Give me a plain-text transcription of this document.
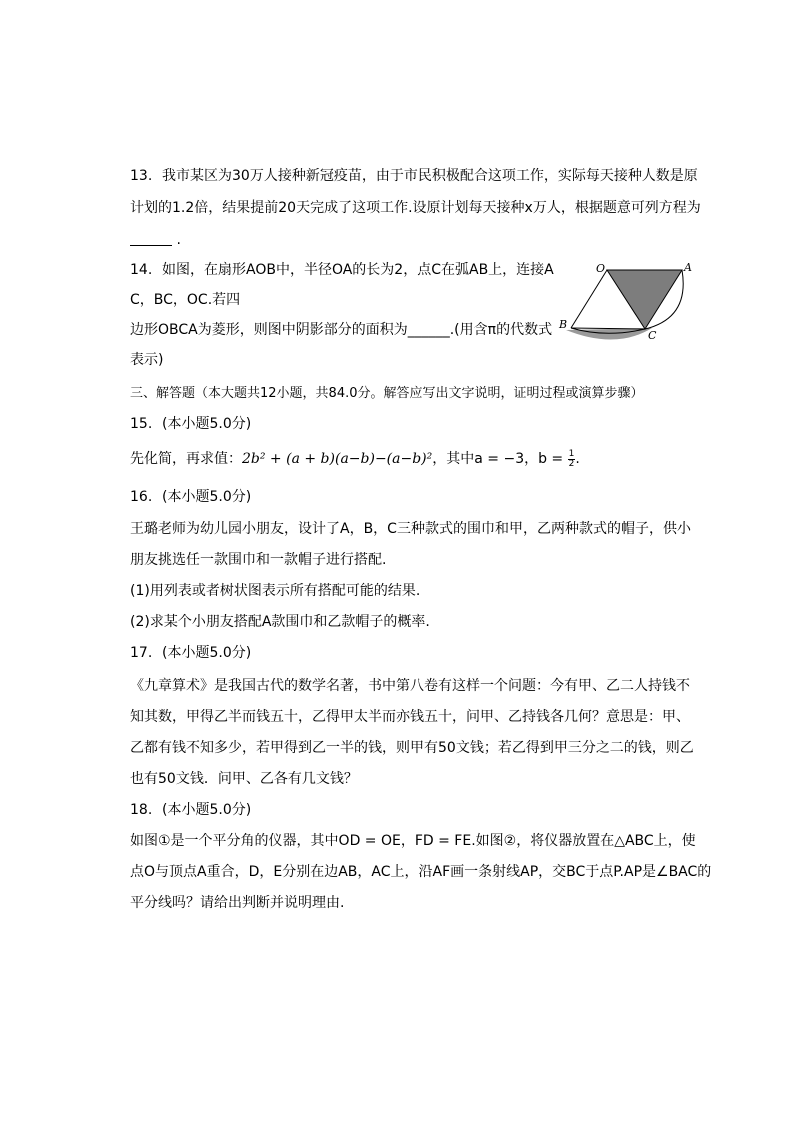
13. 我市某区为30万人接种新冠疫苗，由于市民积极配合这项工作，实际每天接种人数是原
计划的1.2倍，结果提前20天完成了这项工作.设原计划每天接种x万人，根据题意可列方程为
.
14. 如图，在扇形AOB中，半径OA的长为2，点C在弧AB上，连接A
C，BC，OC.若四
边形OBCA为菱形，则图中阴影部分的面积为______.(用含π的代数式
表示)
O	A
B
C
三、解答题（本大题共12小题，共84.0分。解答应写出文字说明，证明过程或演算步骤）
15. (本小题5.0分)
先化简，再求值：2b² + (a + b)(a−b)−(a−b)²，其中a = −3，$b = \frac{1}{2}$ .
16. (本小题5.0分)
王璐老师为幼儿园小朋友，设计了A，B，C三种款式的围巾和甲，乙两种款式的帽子，供小
朋友挑选任一款围巾和一款帽子进行搭配.
(1)用列表或者树状图表示所有搭配可能的结果.
(2)求某个小朋友搭配A款围巾和乙款帽子的概率.
17. (本小题5.0分)
《九章算术》是我国古代的数学名著，书中第八卷有这样一个问题：今有甲、乙二人持钱不
知其数，甲得乙半而钱五十，乙得甲太半而亦钱五十，问甲、乙持钱各几何？意思是：甲、
乙都有钱不知多少，若甲得到乙一半的钱，则甲有50文钱；若乙得到甲三分之二的钱，则乙
也有50文钱．问甲、乙各有几文钱？
18. (本小题5.0分)
如图①是一个平分角的仪器，其中OD = OE，FD = FE.如图②，将仪器放置在△ABC上，使
点O与顶点A重合，D，E分别在边AB，AC上，沿AF画一条射线AP，交BC于点P.AP是∠BAC的
平分线吗？请给出判断并说明理由.
